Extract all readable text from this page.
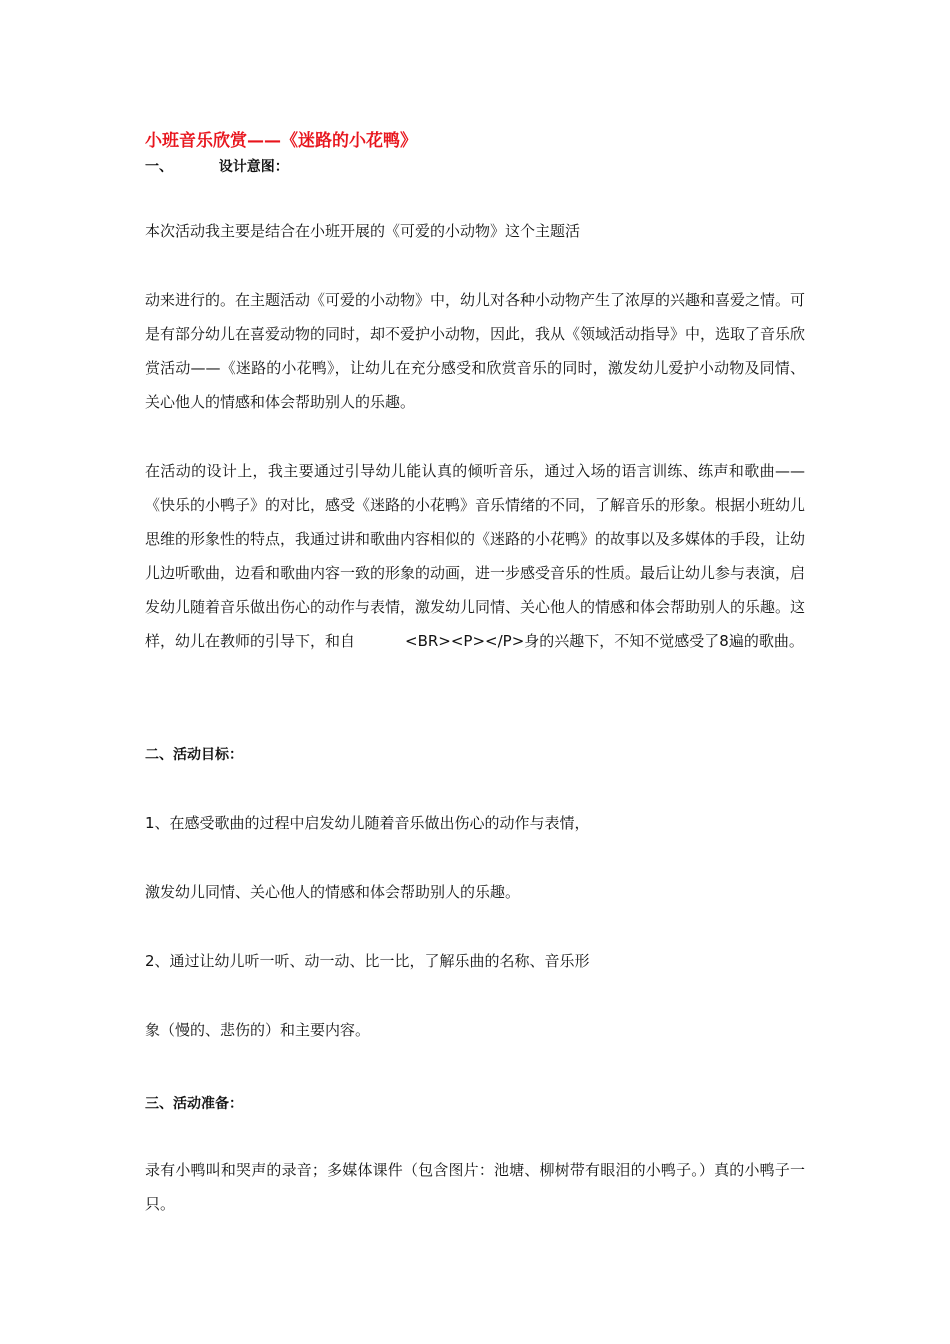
小班音乐欣赏——《迷路的小花鸭》
一、	设计意图：

本次活动我主要是结合在小班开展的《可爱的小动物》这个主题活

动来进行的。在主题活动《可爱的小动物》中，幼儿对各种小动物产生了浓厚的兴趣和喜爱之情。可是有部分幼儿在喜爱动物的同时，却不爱护小动物，因此，我从《领域活动指导》中，选取了音乐欣赏活动——《迷路的小花鸭》，让幼儿在充分感受和欣赏音乐的同时，激发幼儿爱护小动物及同情、关心他人的情感和体会帮助别人的乐趣。

在活动的设计上，我主要通过引导幼儿能认真的倾听音乐，通过入场的语言训练、练声和歌曲——《快乐的小鸭子》的对比，感受《迷路的小花鸭》音乐情绪的不同，了解音乐的形象。根据小班幼儿思维的形象性的特点，我通过讲和歌曲内容相似的《迷路的小花鸭》的故事以及多媒体的手段，让幼儿边听歌曲，边看和歌曲内容一致的形象的动画，进一步感受音乐的性质。最后让幼儿参与表演，启发幼儿随着音乐做出伤心的动作与表情，激发幼儿同情、关心他人的情感和体会帮助别人的乐趣。这样，幼儿在教师的引导下，和自	<BR><P></P>身的兴趣下，不知不觉感受了8遍的歌曲。

二、活动目标：

1、在感受歌曲的过程中启发幼儿随着音乐做出伤心的动作与表情，

激发幼儿同情、关心他人的情感和体会帮助别人的乐趣。

2、通过让幼儿听一听、动一动、比一比，了解乐曲的名称、音乐形

象（慢的、悲伤的）和主要内容。

三、活动准备：

录有小鸭叫和哭声的录音；多媒体课件（包含图片：池塘、柳树带有眼泪的小鸭子。）真的小鸭子一只。
